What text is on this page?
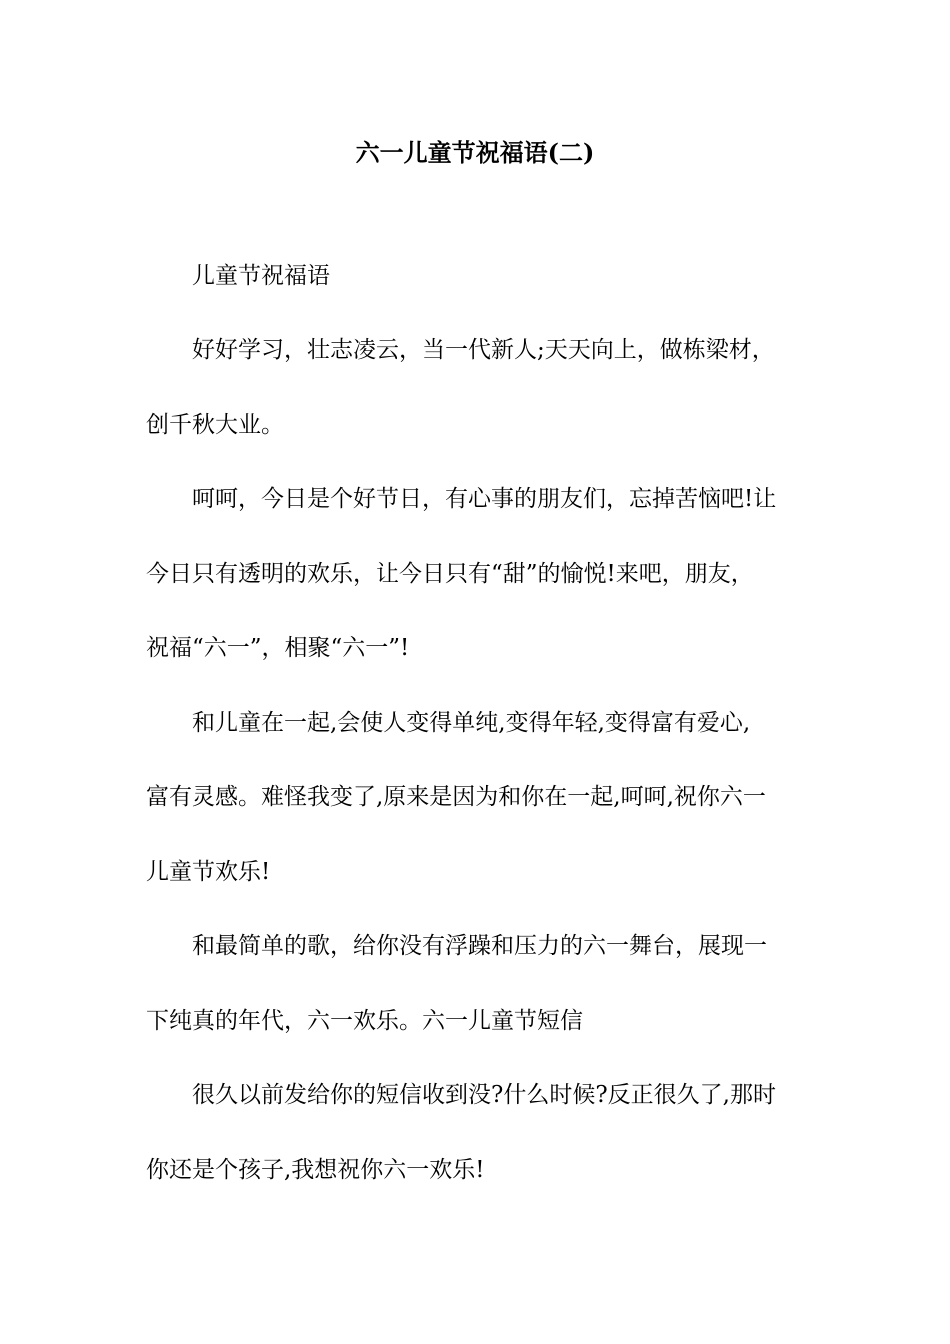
六一儿童节祝福语(二)

儿童节祝福语

好好学习，壮志凌云，当一代新人;天天向上，做栋梁材，

创千秋大业。

呵呵，今日是个好节日，有心事的朋友们，忘掉苦恼吧!让

今日只有透明的欢乐，让今日只有“甜”的愉悦!来吧，朋友，

祝福“六一”，相聚“六一”!

和儿童在一起,会使人变得单纯,变得年轻,变得富有爱心,

富有灵感。难怪我变了,原来是因为和你在一起,呵呵,祝你六一

儿童节欢乐!

和最简单的歌，给你没有浮躁和压力的六一舞台，展现一

下纯真的年代，六一欢乐。六一儿童节短信

很久以前发给你的短信收到没?什么时候?反正很久了,那时

你还是个孩子,我想祝你六一欢乐!
